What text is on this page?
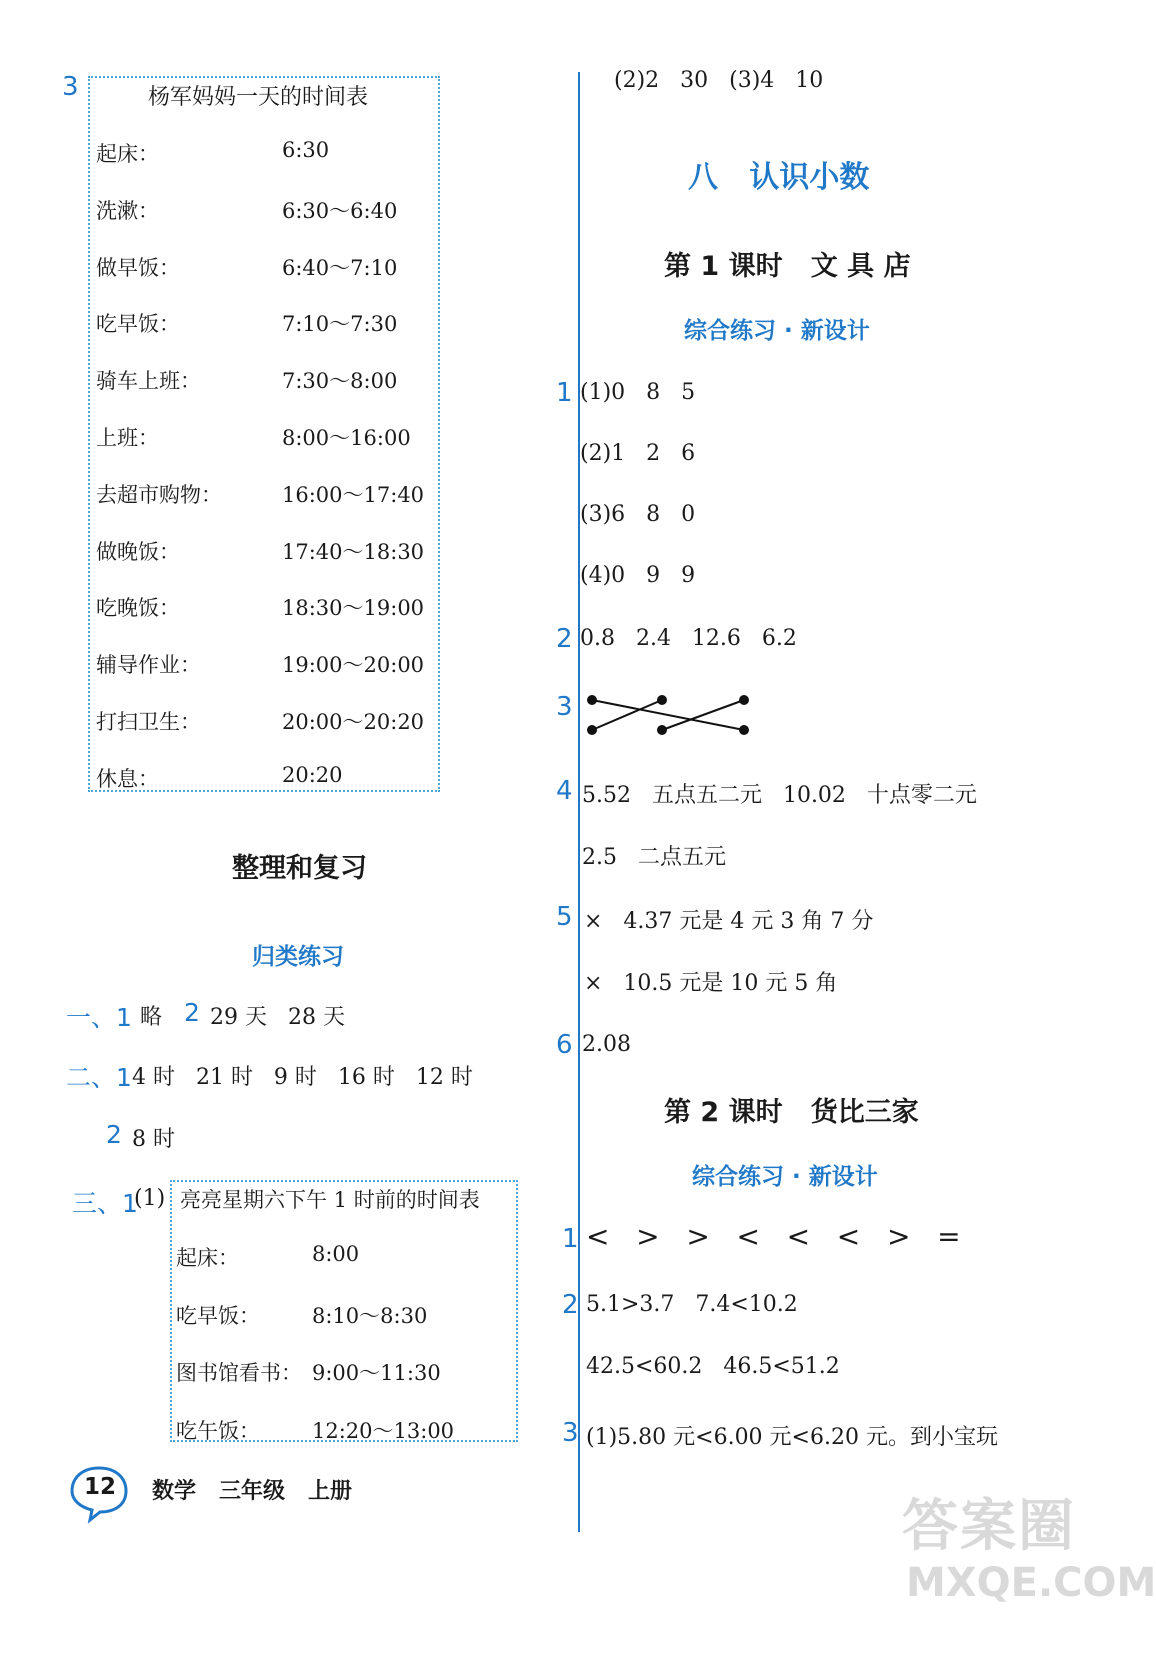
3	杨军妈妈一天的时间表
起床：	6:30
洗漱：	6:30～6:40
做早饭：	6:40～7:10
吃早饭：	7:10～7:30
骑车上班：	7:30～8:00
上班：	8:00～16:00
去超市购物：	16:00～17:40
做晚饭：	17:40～18:30
吃晚饭：	18:30～19:00
辅导作业：	19:00～20:00
打扫卫生：	20:00～20:20
休息：	20:20
整理和复习
归类练习
一、1 略 2 29 天   28 天
二、1 4 时   21 时   9 时   16 时   12 时
2 8 时
三、1
(1) 亮亮星期六下午 1 时前的时间表
起床：	8:00
吃早饭： 8:10～8:30
图书馆看书： 9:00～11:30
吃午饭： 12:20～13:00
(2)2   30   (3)4   10
八   认识小数
第 1 课时   文 具 店
综合练习 · 新设计
1 (1)0   8   5
(2)1   2   6
(3)6   8   0
(4)0   9   9
2 0.8   2.4   12.6   6.2
3
4 5.52   五点五二元   10.02   十点零二元
2.5   二点五元
5 ×   4.37 元是 4 元 3 角 7 分
×   10.5 元是 10 元 5 角
6 2.08
第 2 课时   货比三家
综合练习 · 新设计
1 <   >   >   <   <   <   >   =
2 5.1>3.7   7.4<10.2
42.5<60.2   46.5<51.2
3 (1)5.80 元<6.00 元<6.20 元。到小宝玩
12 数学   三年级   上册
答案圈
MXQE.COM
